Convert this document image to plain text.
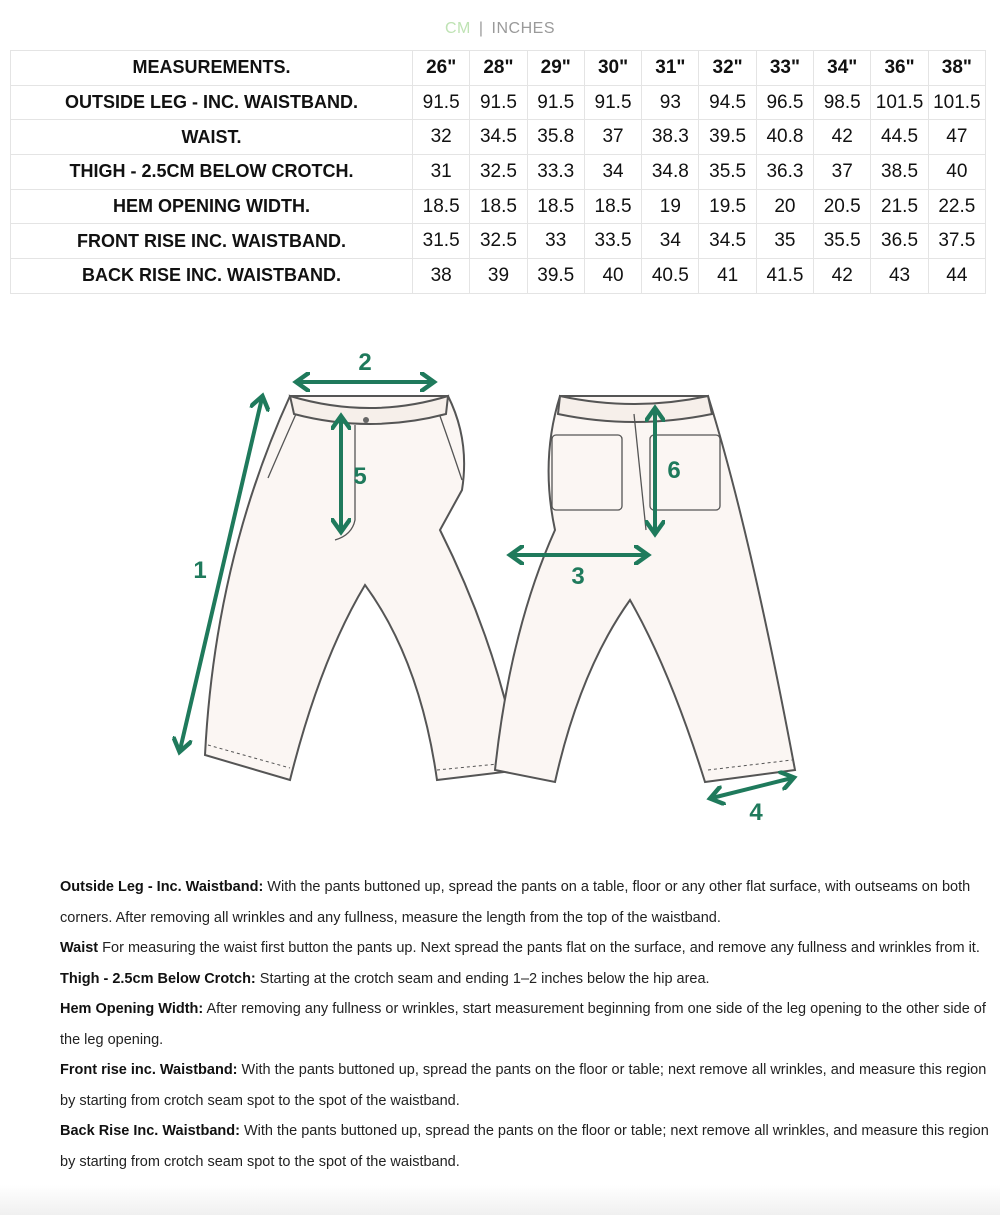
CM | INCHES
MEASUREMENTS.	26"	28"	29"	30"	31"	32"	33"	34"	36"	38"
OUTSIDE LEG - INC. WAISTBAND.	91.5	91.5	91.5	91.5	93	94.5	96.5	98.5	101.5	101.5
WAIST.	32	34.5	35.8	37	38.3	39.5	40.8	42	44.5	47
THIGH - 2.5CM BELOW CROTCH.	31	32.5	33.3	34	34.8	35.5	36.3	37	38.5	40
HEM OPENING WIDTH.	18.5	18.5	18.5	18.5	19	19.5	20	20.5	21.5	22.5
FRONT RISE INC. WAISTBAND.	31.5	32.5	33	33.5	34	34.5	35	35.5	36.5	37.5
BACK RISE INC. WAISTBAND.	38	39	39.5	40	40.5	41	41.5	42	43	44
1
2
3
4
5	6

Outside Leg - Inc. Waistband: With the pants buttoned up, spread the pants on a table, floor or any other flat surface, with outseams on both corners. After removing all wrinkles and any fullness, measure the length from the top of the waistband.

Waist For measuring the waist first button the pants up. Next spread the pants flat on the surface, and remove any fullness and wrinkles from it.

Thigh - 2.5cm Below Crotch: Starting at the crotch seam and ending 1–2 inches below the hip area.

Hem Opening Width: After removing any fullness or wrinkles, start measurement beginning from one side of the leg opening to the other side of the leg opening.

Front rise inc. Waistband: With the pants buttoned up, spread the pants on the floor or table; next remove all wrinkles, and measure this region by starting from crotch seam spot to the spot of the waistband.

Back Rise Inc. Waistband: With the pants buttoned up, spread the pants on the floor or table; next remove all wrinkles, and measure this region by starting from crotch seam spot to the spot of the waistband.
